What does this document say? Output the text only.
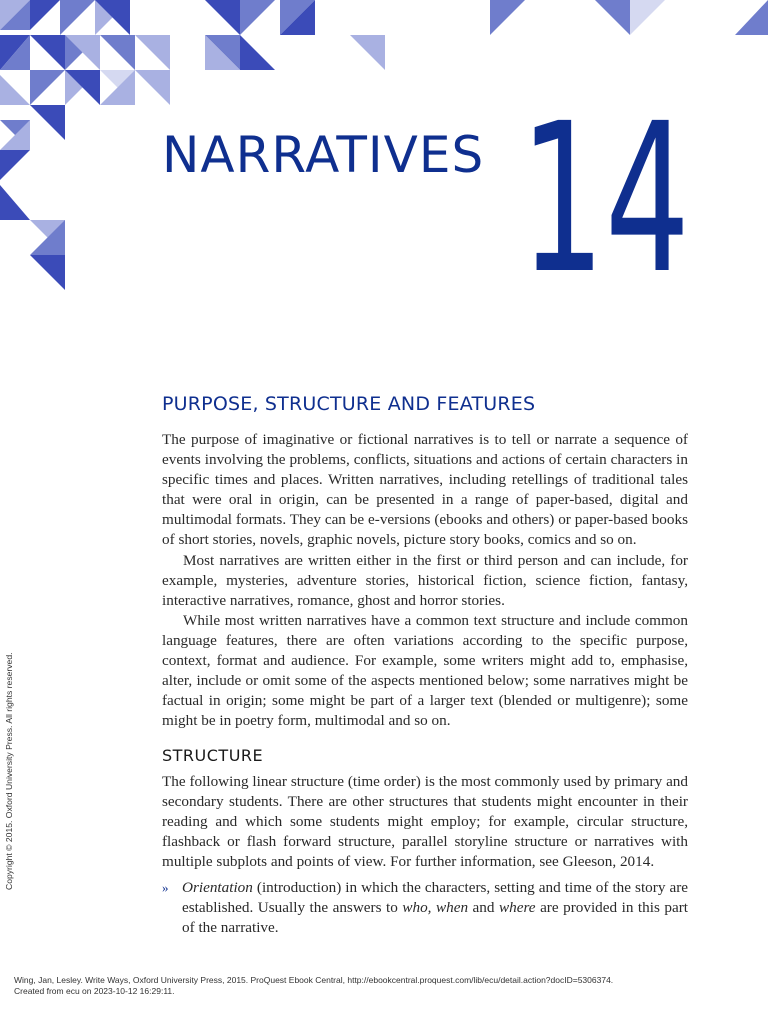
NARRATIVES 14
PURPOSE, STRUCTURE AND FEATURES

The purpose of imaginative or fictional narratives is to tell or narrate a sequence of events involving the problems, conflicts, situations and actions of certain characters in specific times and places. Written narratives, including retellings of traditional tales that were oral in origin, can be presented in a range of paper-based, digital and multimodal formats. They can be e-versions (ebooks and others) or paper-based books of short stories, novels, graphic novels, picture story books, comics and so on.

Most narratives are written either in the first or third person and can include, for example, mysteries, adventure stories, historical fiction, science fiction, fantasy, interactive narratives, romance, ghost and horror stories.

While most written narratives have a common text structure and include common language features, there are often variations according to the specific purpose, context, format and audience. For example, some writers might add to, emphasise, alter, include or omit some of the aspects mentioned below; some narratives might be factual in origin; some might be part of a larger text (blended or multigenre); some might be in poetry form, multimodal and so on.

STRUCTURE

The following linear structure (time order) is the most commonly used by primary and secondary students. There are other structures that students might encounter in their reading and which some students might employ; for example, circular structure, flashback or flash forward structure, parallel storyline structure or narratives with multiple subplots and points of view. For further information, see Gleeson, 2014.

» Orientation (introduction) in which the characters, setting and time of the story are established. Usually the answers to who, when and where are provided in this part of the narrative.
Copyright © 2015. Oxford University Press. All rights reserved.
Wing, Jan, Lesley. Write Ways, Oxford University Press, 2015. ProQuest Ebook Central, http://ebookcentral.proquest.com/lib/ecu/detail.action?docID=5306374.
Created from ecu on 2023-10-12 16:29:11.
